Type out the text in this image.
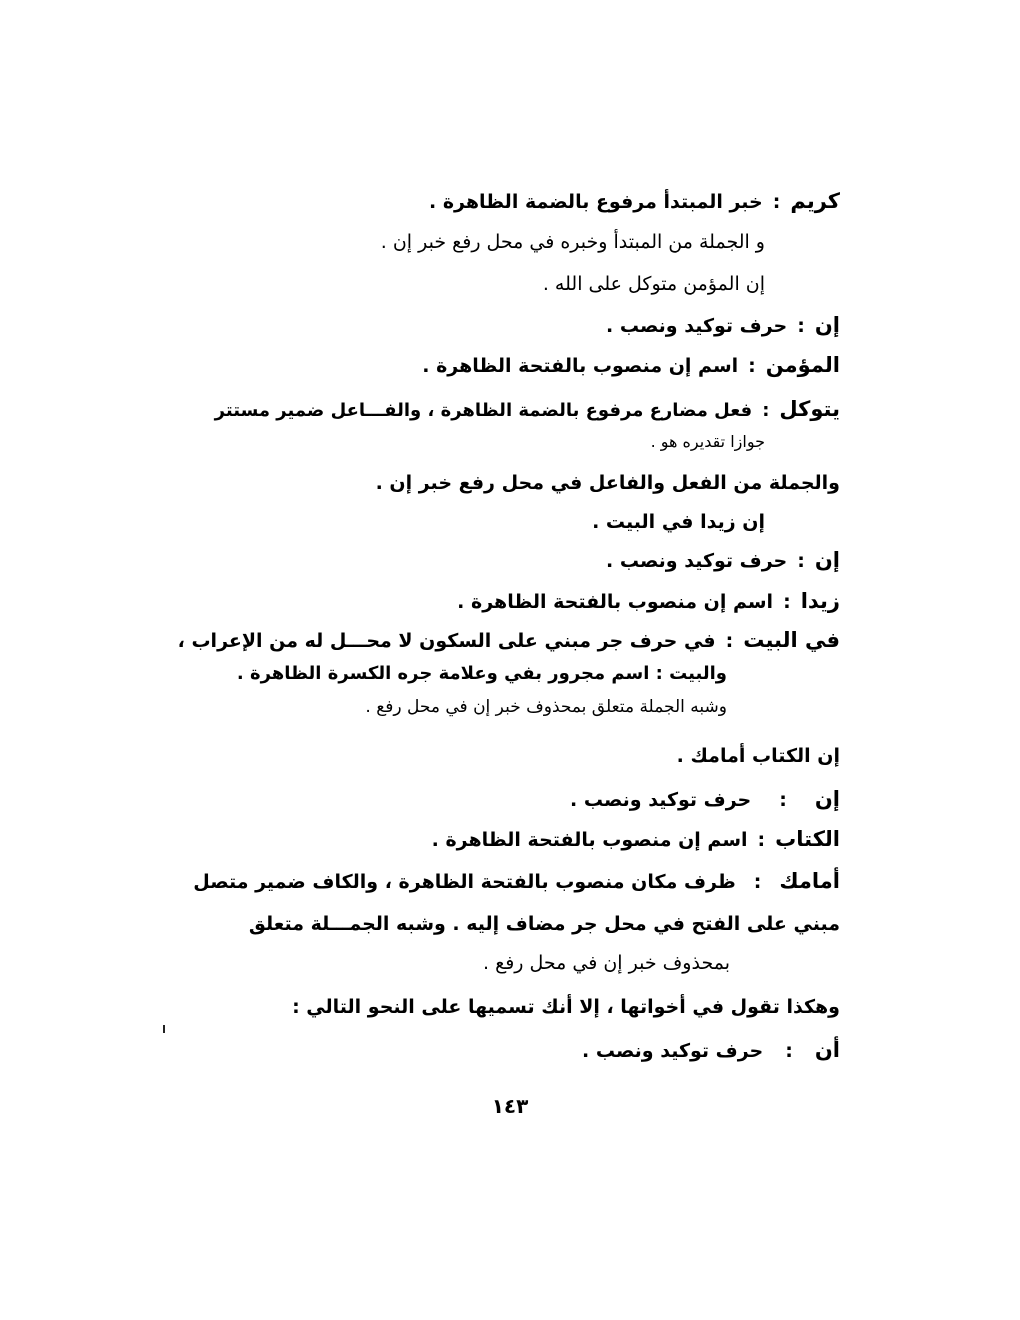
كريم:خبر المبتدأ مرفوع بالضمة الظاهرة .
و الجملة من المبتدأ وخبره في محل رفع خبر إن .
إن المؤمن متوكل على الله .
إن:حرف توكيد ونصب .
المؤمن:اسم إن منصوب بالفتحة الظاهرة .
يتوكل:فعل مضارع مرفوع بالضمة الظاهرة ، والفـــاعل ضمير مستتر
جوازا تقديره هو .
والجملة من الفعل والفاعل في محل رفع خبر إن .
إن زيدا في البيت .
إن:حرف توكيد ونصب .
زيدا:اسم إن منصوب بالفتحة الظاهرة .
في البيت:في حرف جر مبني على السكون لا محـــل له من الإعراب ،
والبيت : اسم مجرور بفي وعلامة جره الكسرة الظاهرة .
وشبه الجملة متعلق بمحذوف خبر إن في محل رفع .
إن الكتاب أمامك .
إن:حرف توكيد ونصب .
الكتاب:اسم إن منصوب بالفتحة الظاهرة .
أمامك:ظرف مكان منصوب بالفتحة الظاهرة ، والكاف ضمير متصل
مبني على الفتح في محل جر مضاف إليه . وشبه الجمـــلة متعلق
بمحذوف خبر إن في محل رفع .
وهكذا تقول في أخواتها ، إلا أنك تسميها على النحو التالي :
أن:حرف توكيد ونصب .
١٤٣
